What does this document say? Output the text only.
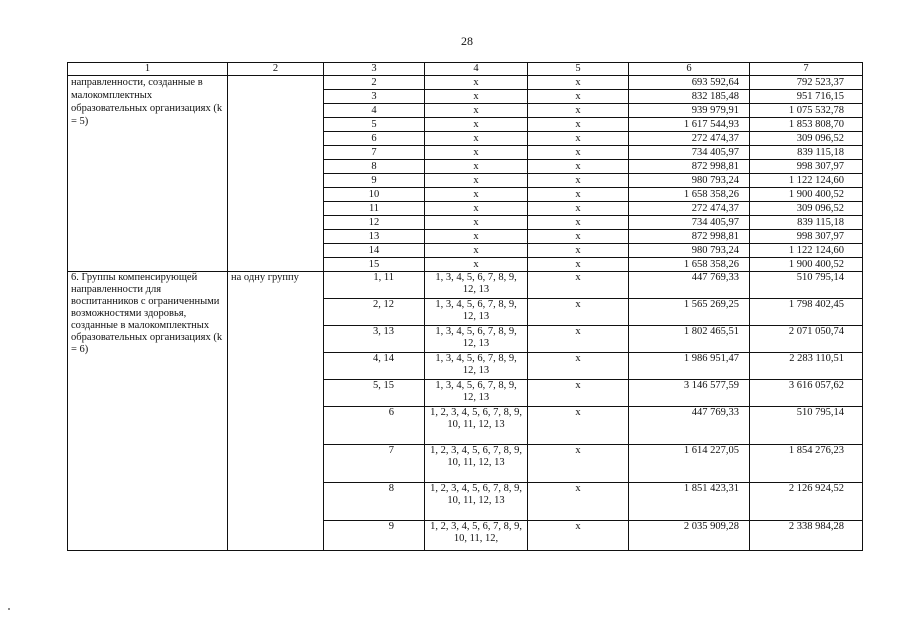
28
1	2	3	4	5	6	7
направленности, созданные в малокомплектных образовательных организациях (k = 5)		2	x	x	693 592,64	792 523,37
		3	x	x	832 185,48	951 716,15
		4	x	x	939 979,91	1 075 532,78
		5	x	x	1 617 544,93	1 853 808,70
		6	x	x	272 474,37	309 096,52
		7	x	x	734 405,97	839 115,18
		8	x	x	872 998,81	998 307,97
		9	x	x	980 793,24	1 122 124,60
		10	x	x	1 658 358,26	1 900 400,52
		11	x	x	272 474,37	309 096,52
		12	x	x	734 405,97	839 115,18
		13	x	x	872 998,81	998 307,97
		14	x	x	980 793,24	1 122 124,60
		15	x	x	1 658 358,26	1 900 400,52
6. Группы компенсирующей направленности для воспитанников с ограниченными возможностями здоровья, созданные в малокомплектных образовательных организациях (k = 6)	на одну группу	1, 11	1, 3, 4, 5, 6, 7, 8, 9, 12, 13	x	447 769,33	510 795,14
		2, 12	1, 3, 4, 5, 6, 7, 8, 9, 12, 13	x	1 565 269,25	1 798 402,45
		3, 13	1, 3, 4, 5, 6, 7, 8, 9, 12, 13	x	1 802 465,51	2 071 050,74
		4, 14	1, 3, 4, 5, 6, 7, 8, 9, 12, 13	x	1 986 951,47	2 283 110,51
		5, 15	1, 3, 4, 5, 6, 7, 8, 9, 12, 13	x	3 146 577,59	3 616 057,62
		6	1, 2, 3, 4, 5, 6, 7, 8, 9, 10, 11, 12, 13	x	447 769,33	510 795,14
		7	1, 2, 3, 4, 5, 6, 7, 8, 9, 10, 11, 12, 13	x	1 614 227,05	1 854 276,23
		8	1, 2, 3, 4, 5, 6, 7, 8, 9, 10, 11, 12, 13	x	1 851 423,31	2 126 924,52
		9	1, 2, 3, 4, 5, 6, 7, 8, 9, 10, 11, 12,	x	2 035 909,28	2 338 984,28
